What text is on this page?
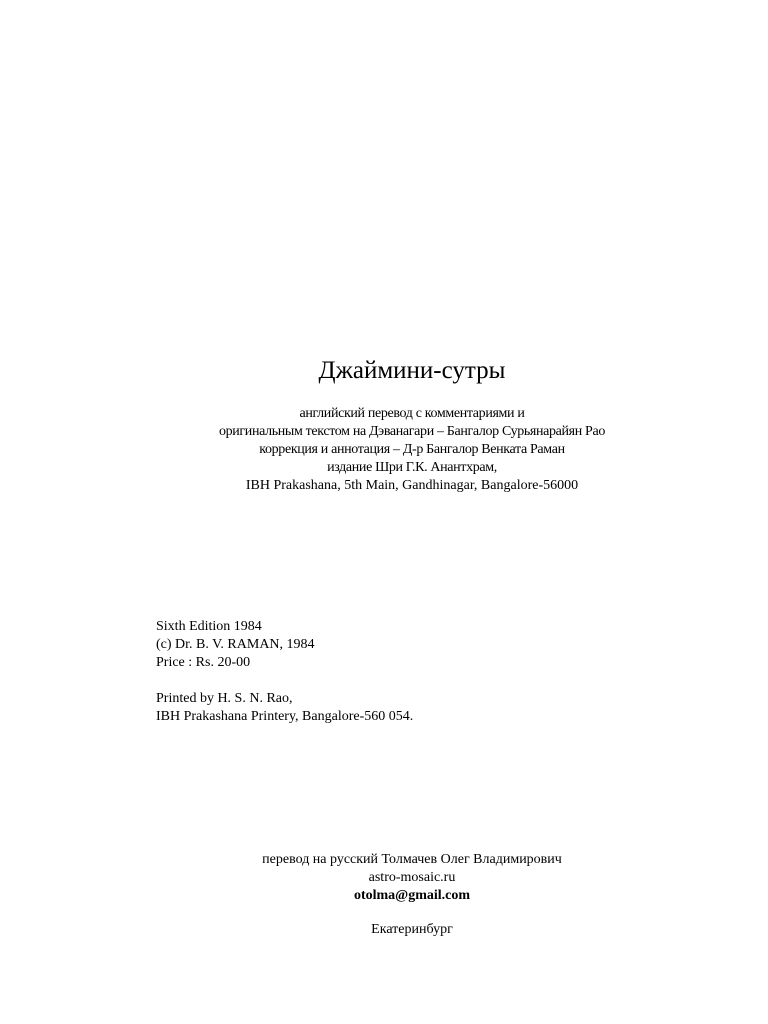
Джаймини-сутры
английский перевод с комментариями и
оригинальным текстом на Дэванагари – Бангалор Сурьянарайян Рао
коррекция и аннотация – Д-р Бангалор Венката Раман
издание Шри Г.К. Анантхрам,
IBH Prakashana, 5th Main, Gandhinagar, Bangalore-56000
Sixth Edition 1984
(c) Dr. B. V. RAMAN, 1984
Price : Rs. 20-00
Printed by H. S. N. Rao,
IBH Prakashana Printery, Bangalore-560 054.
перевод на русский Толмачев Олег Владимирович
astro-mosaic.ru
otolma@gmail.com
Екатеринбург
